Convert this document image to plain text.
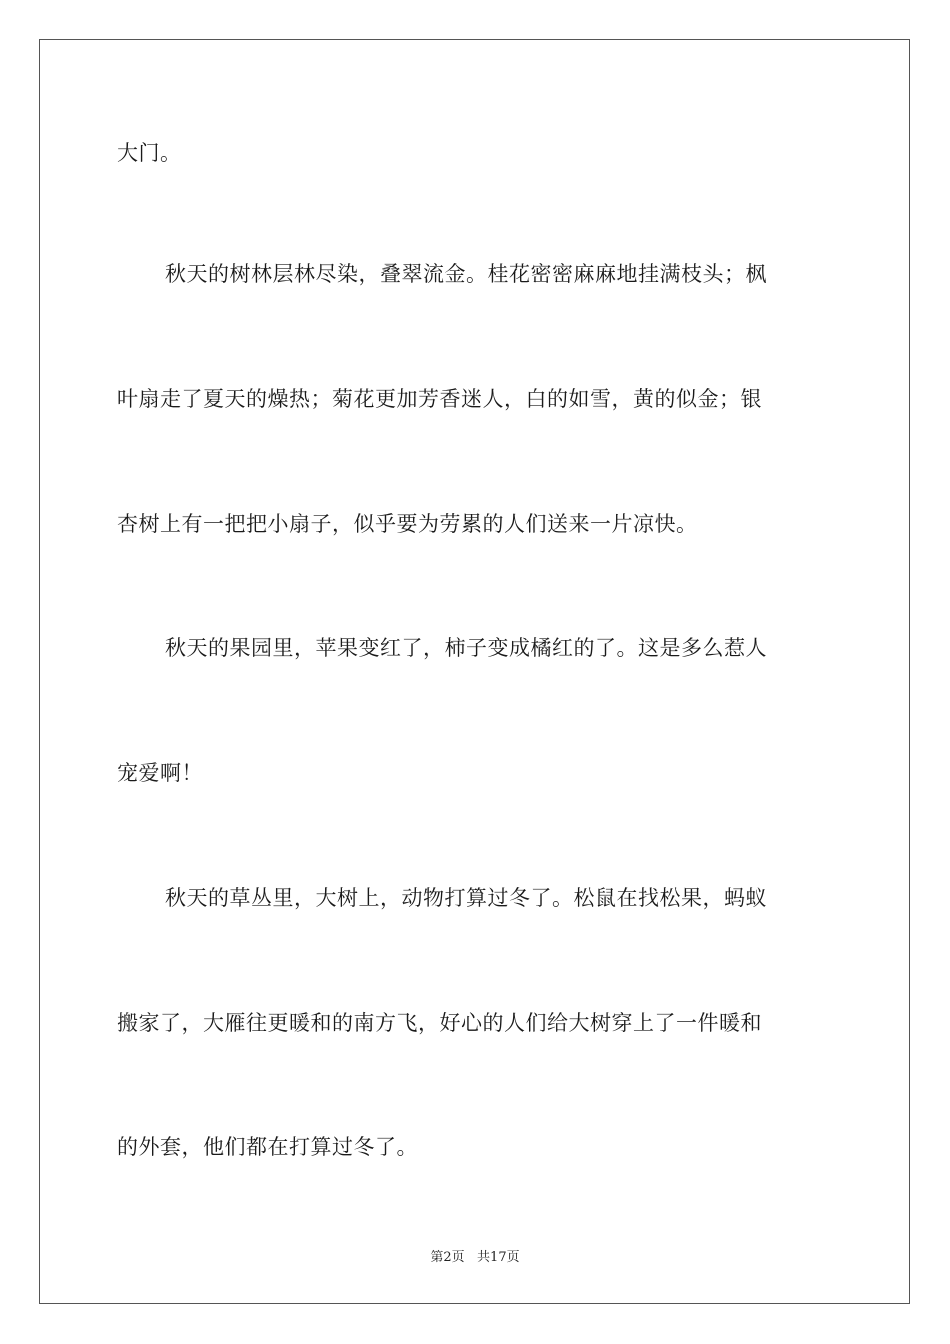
大门。
秋天的树林层林尽染，叠翠流金。桂花密密麻麻地挂满枝头；枫
叶扇走了夏天的燥热；菊花更加芳香迷人，白的如雪，黄的似金；银
杏树上有一把把小扇子，似乎要为劳累的人们送来一片凉快。
秋天的果园里，苹果变红了，柿子变成橘红的了。这是多么惹人
宠爱啊！
秋天的草丛里，大树上，动物打算过冬了。松鼠在找松果，蚂蚁
搬家了，大雁往更暖和的南方飞，好心的人们给大树穿上了一件暖和
的外套，他们都在打算过冬了。
第2页   共17页
